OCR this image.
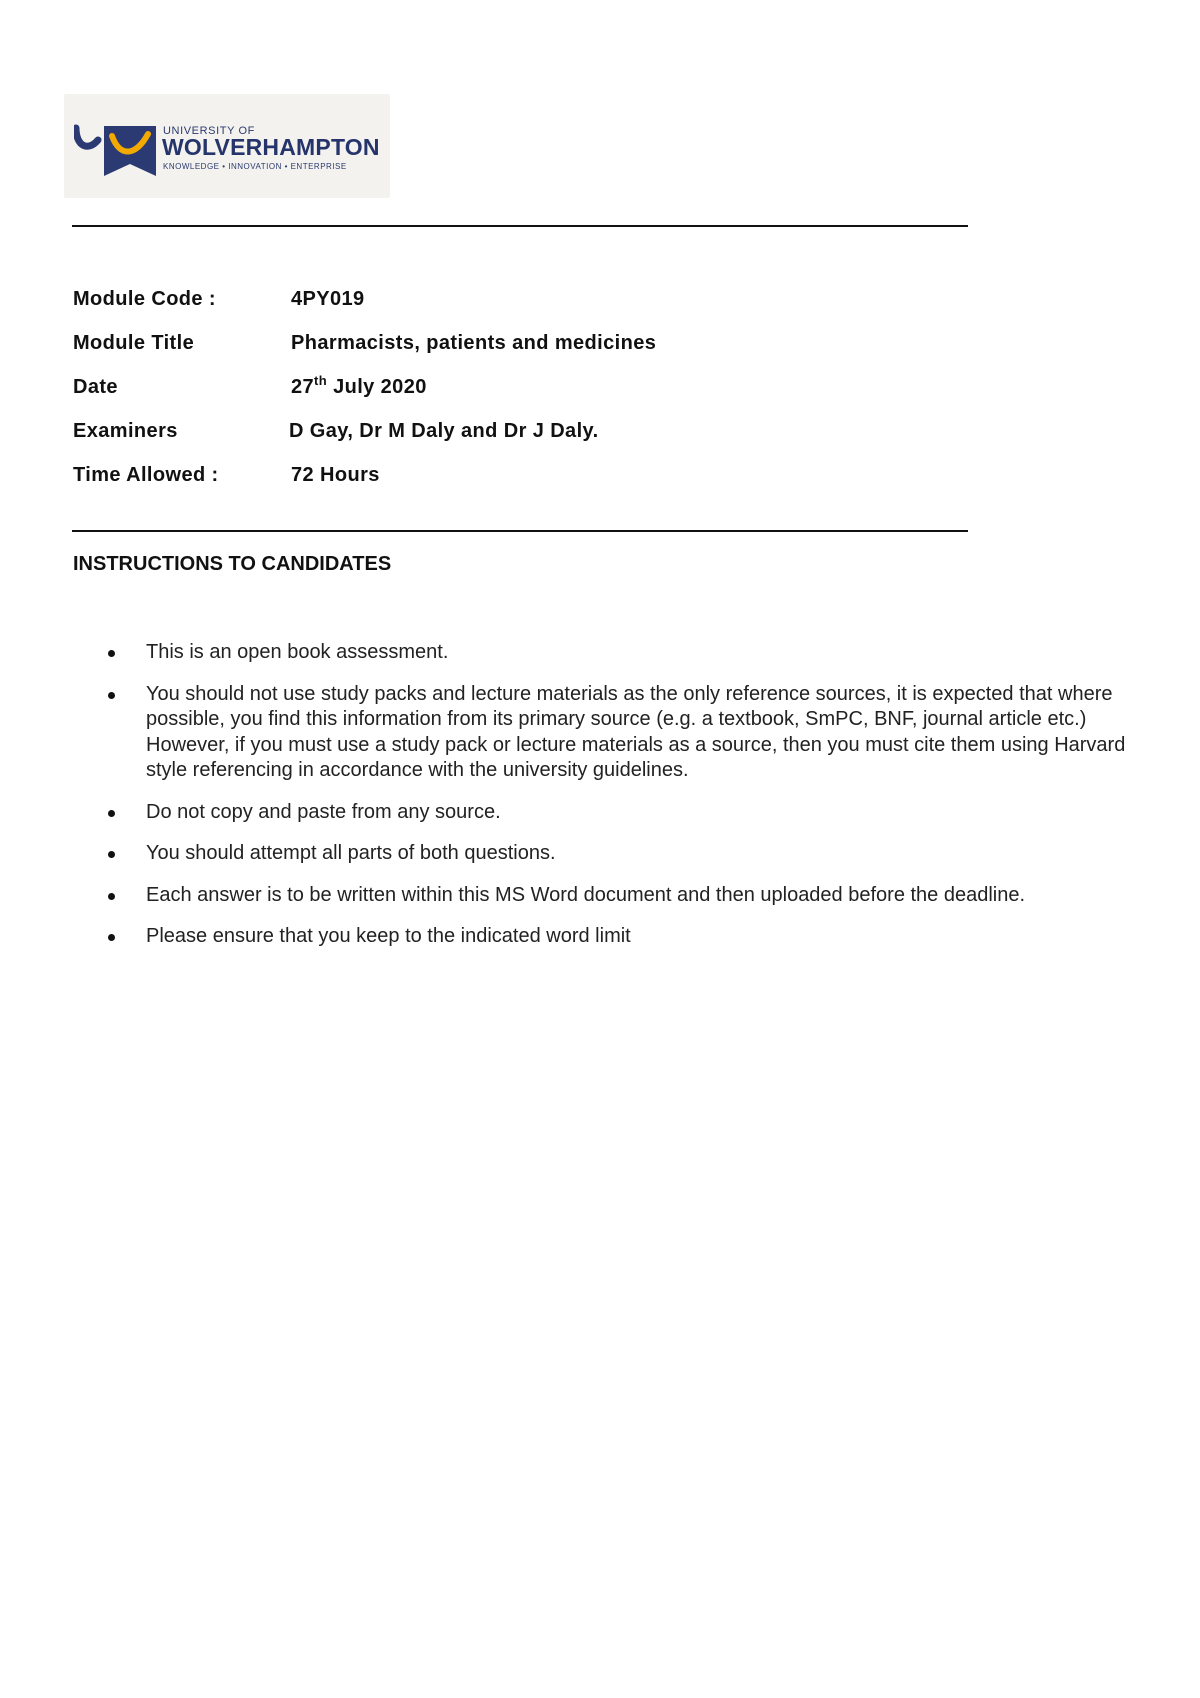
UNIVERSITY OF
WOLVERHAMPTON
KNOWLEDGE • INNOVATION • ENTERPRISE
Module Code :	4PY019
Module Title	Pharmacists, patients and medicines
Date	27th July 2020
Examiners	D Gay, Dr M Daly and Dr J Daly.
Time Allowed :	72 Hours
INSTRUCTIONS TO CANDIDATES
This is an open book assessment.
You should not use study packs and lecture materials as the only reference sources, it is expected that where possible, you find this information from its primary source (e.g. a textbook, SmPC, BNF, journal article etc.) However, if you must use a study pack or lecture materials as a source, then you must cite them using Harvard style referencing in accordance with the university guidelines.
Do not copy and paste from any source.
You should attempt all parts of both questions.
Each answer is to be written within this MS Word document and then uploaded before the deadline.
Please ensure that you keep to the indicated word limit
